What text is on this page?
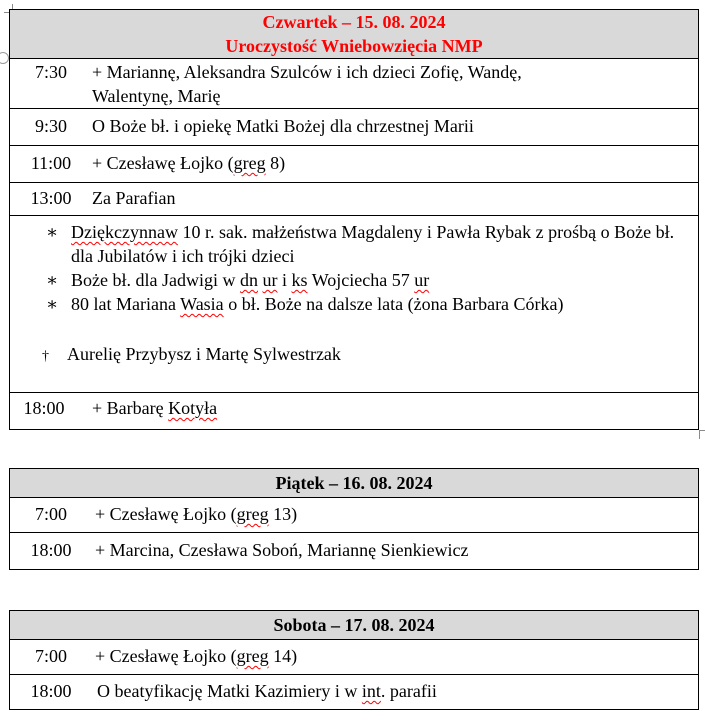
Czwartek – 15. 08. 2024
Uroczystość Wniebowzięcia NMP

7:30	+ Mariannę, Aleksandra Szulców i ich dzieci Zofię, Wandę,
Walentynę, Marię

9:30	O Boże bł. i opiekę Matki Bożej dla chrzestnej Marii

11:00	+ Czesławę Łojko (greg 8)

13:00	Za Parafian

∗ Dziękczynnaw 10 r. sak. małżeństwa Magdaleny i Pawła Rybak z prośbą o Boże bł. dla Jubilatów i ich trójki dzieci
∗ Boże bł. dla Jadwigi w dn ur i ks Wojciecha 57 ur
∗ 80 lat Mariana Wasia o bł. Boże na dalsze lata (żona Barbara Córka)
† Aurelię Przybysz i Martę Sylwestrzak

18:00	+ Barbarę Kotyła
Piątek – 16. 08. 2024

7:00	+ Czesławę Łojko (greg 13)

18:00	+ Marcina, Czesława Soboń, Mariannę Sienkiewicz
Sobota – 17. 08. 2024

7:00	+ Czesławę Łojko (greg 14)

18:00	O beatyfikację Matki Kazimiery i w int. parafii
